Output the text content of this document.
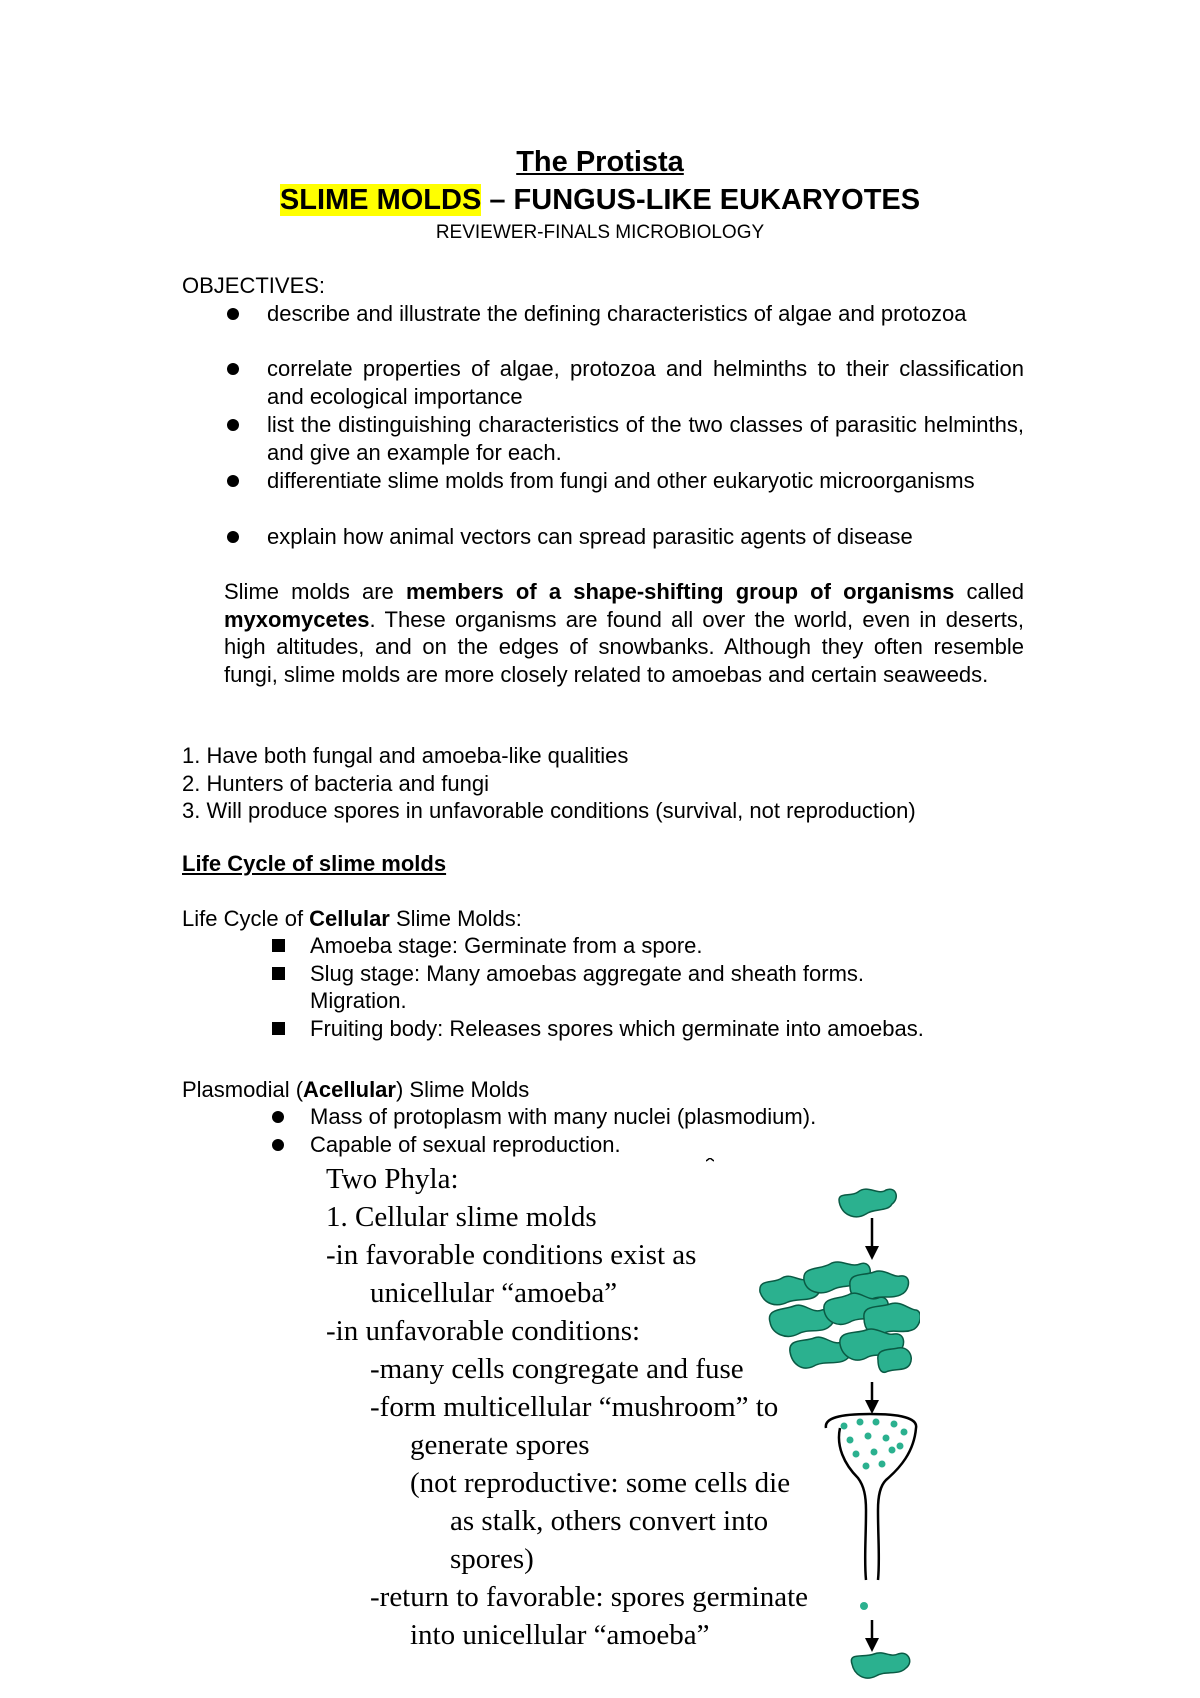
The Protista
SLIME MOLDS – FUNGUS-LIKE EUKARYOTES
REVIEWER-FINALS MICROBIOLOGY
OBJECTIVES:
describe and illustrate the defining characteristics of algae and protozoa
correlate properties of algae, protozoa and helminths to their classification and ecological importance
list the distinguishing characteristics of the two classes of parasitic helminths, and give an example for each.
differentiate slime molds from fungi and other eukaryotic microorganisms
explain how animal vectors can spread parasitic agents of disease
Slime molds are members of a shape-shifting group of organisms called myxomycetes. These organisms are found all over the world, even in deserts, high altitudes, and on the edges of snowbanks. Although they often resemble fungi, slime molds are more closely related to amoebas and certain seaweeds.
1. Have both fungal and amoeba-like qualities
2. Hunters of bacteria and fungi
3. Will produce spores in unfavorable conditions (survival, not reproduction)
Life Cycle of slime molds
Life Cycle of Cellular Slime Molds:
Amoeba stage: Germinate from a spore.
Slug stage: Many amoebas aggregate and sheath forms. Migration.
Fruiting body: Releases spores which germinate into amoebas.
Plasmodial (Acellular) Slime Molds
Mass of protoplasm with many nuclei (plasmodium).
Capable of sexual reproduction.
Two Phyla:
1. Cellular slime molds
-in favorable conditions exist as
unicellular “amoeba”
-in unfavorable conditions:
-many cells congregate and fuse
-form multicellular “mushroom” to
generate spores
(not reproductive: some cells die
as stalk, others convert into
spores)
-return to favorable: spores germinate
into unicellular “amoeba”
